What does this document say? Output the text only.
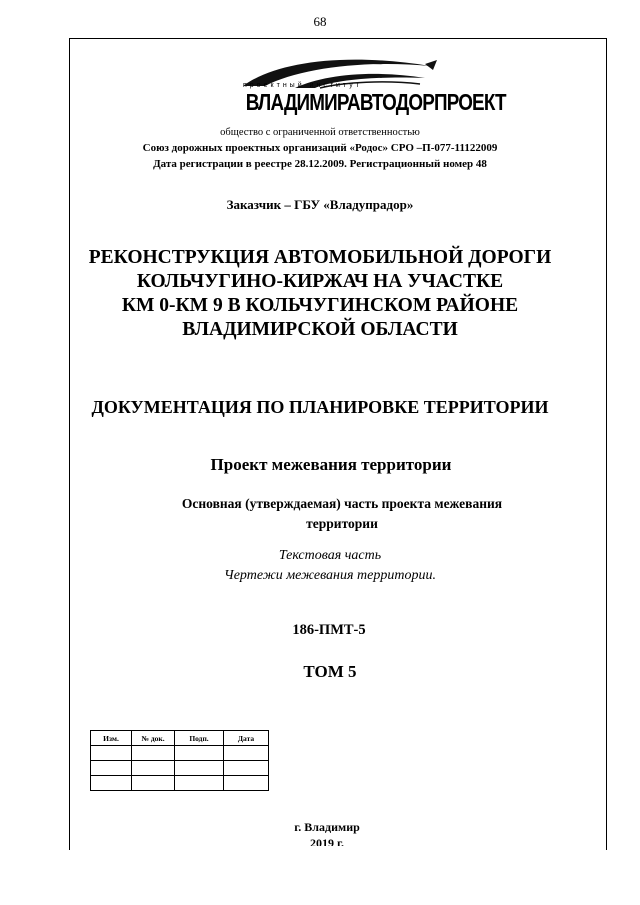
68
проектный институт
ВЛАДИМИРАВТОДОРПРОЕКТ
общество с ограниченной ответственностью
Союз дорожных проектных организаций «Родос» СРО –П-077-11122009
Дата регистрации в реестре 28.12.2009. Регистрационный номер 48
Заказчик – ГБУ «Владупрадор»
РЕКОНСТРУКЦИЯ АВТОМОБИЛЬНОЙ ДОРОГИ
КОЛЬЧУГИНО-КИРЖАЧ НА УЧАСТКЕ
КМ 0-КМ 9 В КОЛЬЧУГИНСКОМ РАЙОНЕ
ВЛАДИМИРСКОЙ ОБЛАСТИ
ДОКУМЕНТАЦИЯ ПО ПЛАНИРОВКЕ ТЕРРИТОРИИ
Проект межевания территории
Основная (утверждаемая) часть проекта межевания
территории
Текстовая часть
Чертежи межевания территории.
186-ПМТ-5
ТОМ 5
Изм.	№ док.	Подп.	Дата

г. Владимир
2019 г.
